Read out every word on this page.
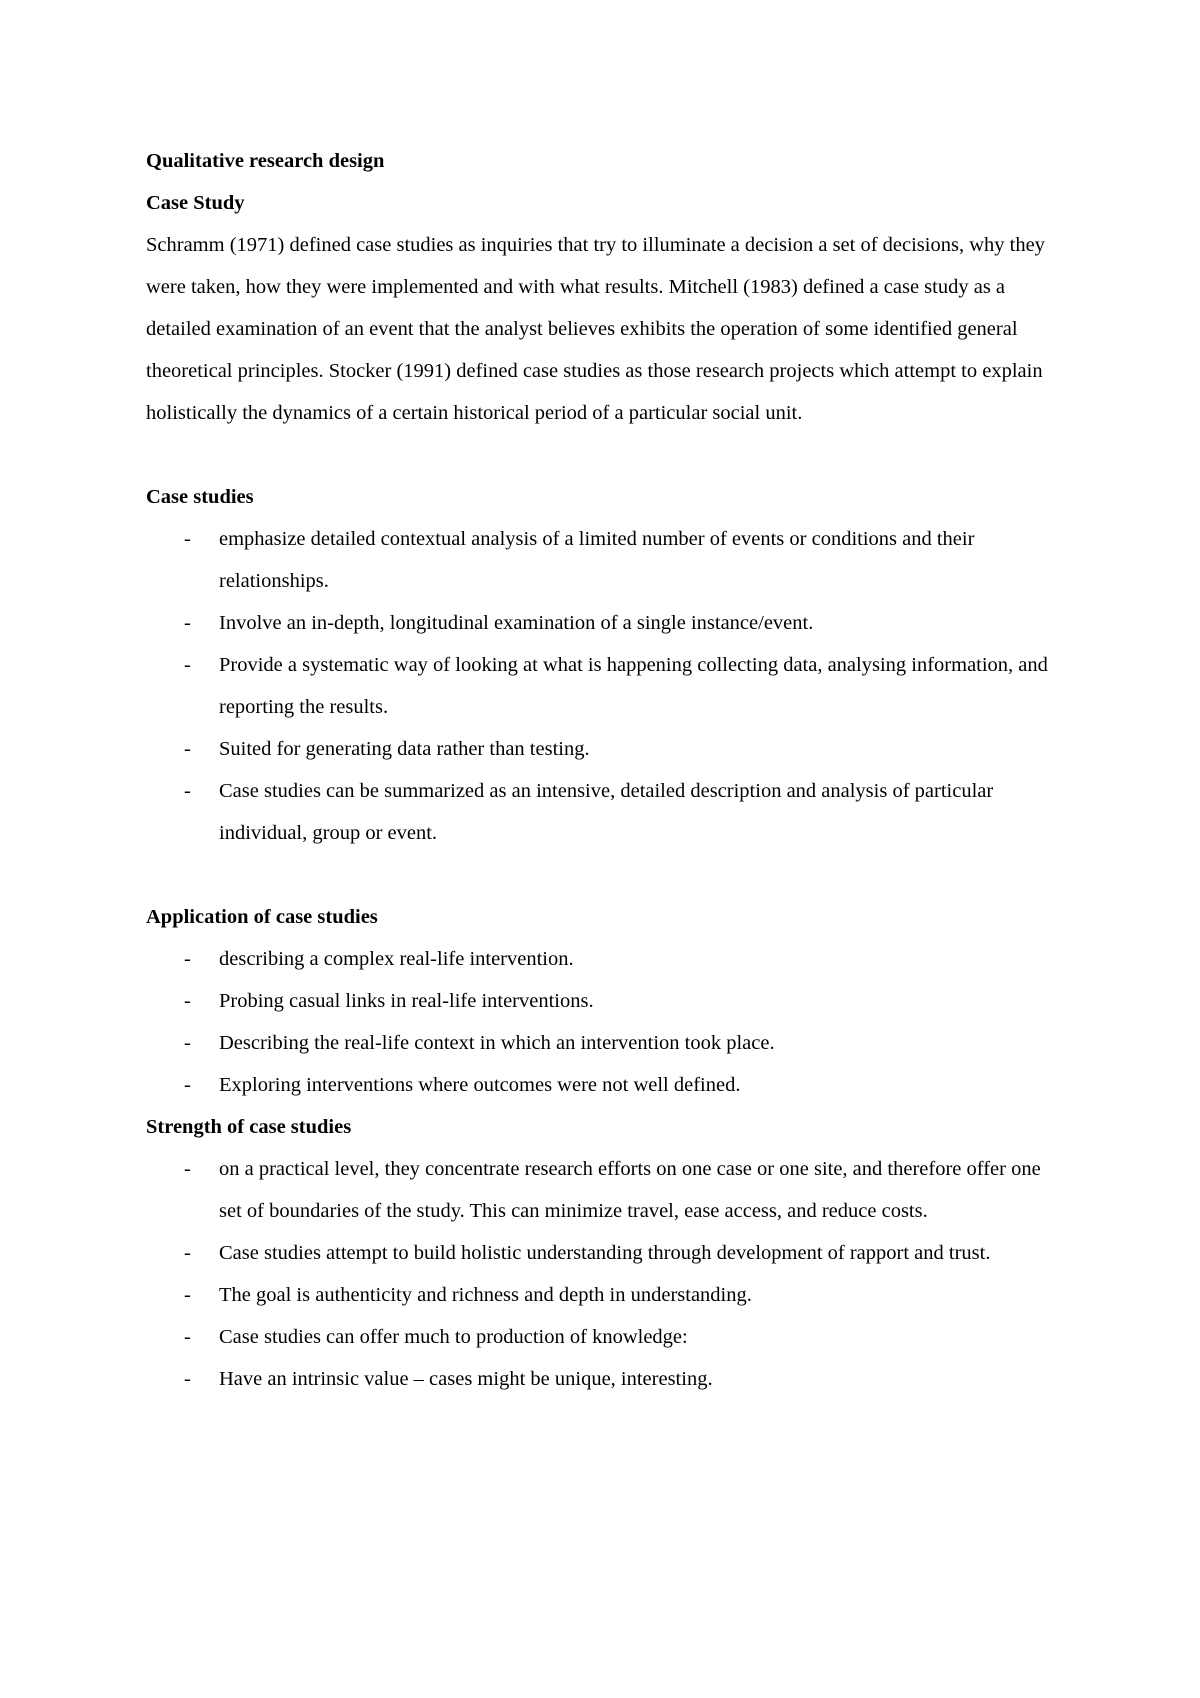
Qualitative research design
Case Study

Schramm (1971) defined case studies as inquiries that try to illuminate a decision a set of decisions, why they were taken, how they were implemented and with what results. Mitchell (1983) defined a case study as a detailed examination of an event that the analyst believes exhibits the operation of some identified general theoretical principles. Stocker (1991) defined case studies as those research projects which attempt to explain holistically the dynamics of a certain historical period of a particular social unit.

Case studies
- emphasize detailed contextual analysis of a limited number of events or conditions and their relationships.
- Involve an in-depth, longitudinal examination of a single instance/event.
- Provide a systematic way of looking at what is happening collecting data, analysing information, and reporting the results.
- Suited for generating data rather than testing.
- Case studies can be summarized as an intensive, detailed description and analysis of particular individual, group or event.
Application of case studies
- describing a complex real-life intervention.
- Probing casual links in real-life interventions.
- Describing the real-life context in which an intervention took place.
- Exploring interventions where outcomes were not well defined.
Strength of case studies
- on a practical level, they concentrate research efforts on one case or one site, and therefore offer one set of boundaries of the study. This can minimize travel, ease access, and reduce costs.
- Case studies attempt to build holistic understanding through development of rapport and trust.
- The goal is authenticity and richness and depth in understanding.
- Case studies can offer much to production of knowledge:
- Have an intrinsic value – cases might be unique, interesting.
